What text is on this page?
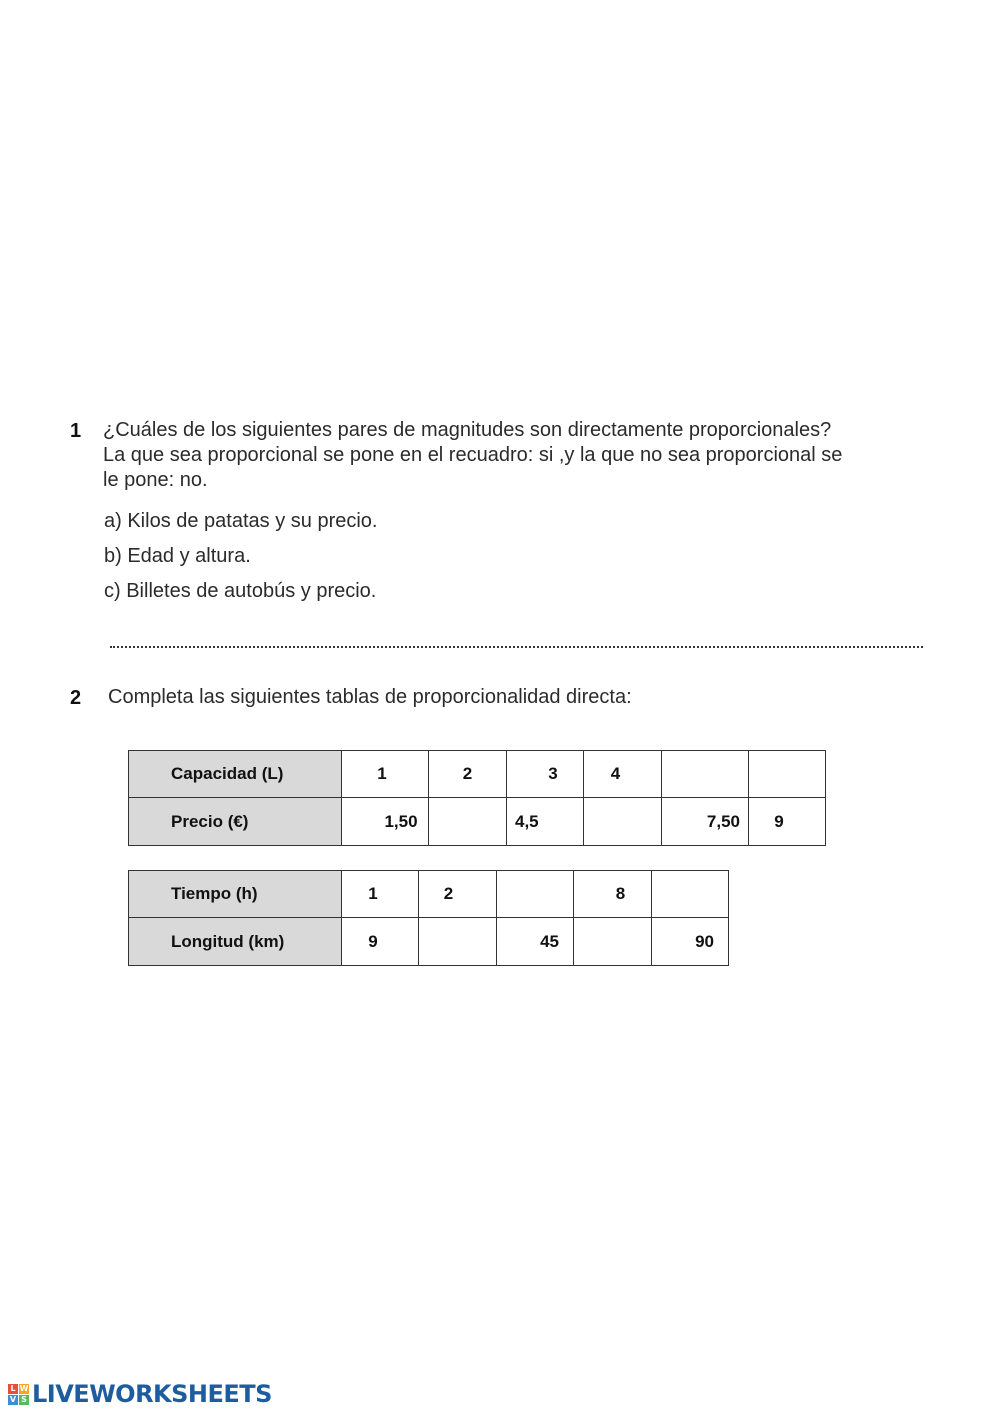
1 ¿Cuáles de los siguientes pares de magnitudes son directamente proporcionales?
La que sea proporcional se pone en el recuadro: si ,y la que no sea proporcional se
le pone: no.
a) Kilos de patatas y su precio.
b) Edad y altura.
c) Billetes de autobús y precio.
2 Completa las siguientes tablas de proporcionalidad directa:
Capacidad (L)	1	2	3	4		
Precio (€)	1,50		4,5		7,50	9
Tiempo (h)	1	2		8	
Longitud (km)	9		45		90
L W
V S LIVEWORKSHEETS
